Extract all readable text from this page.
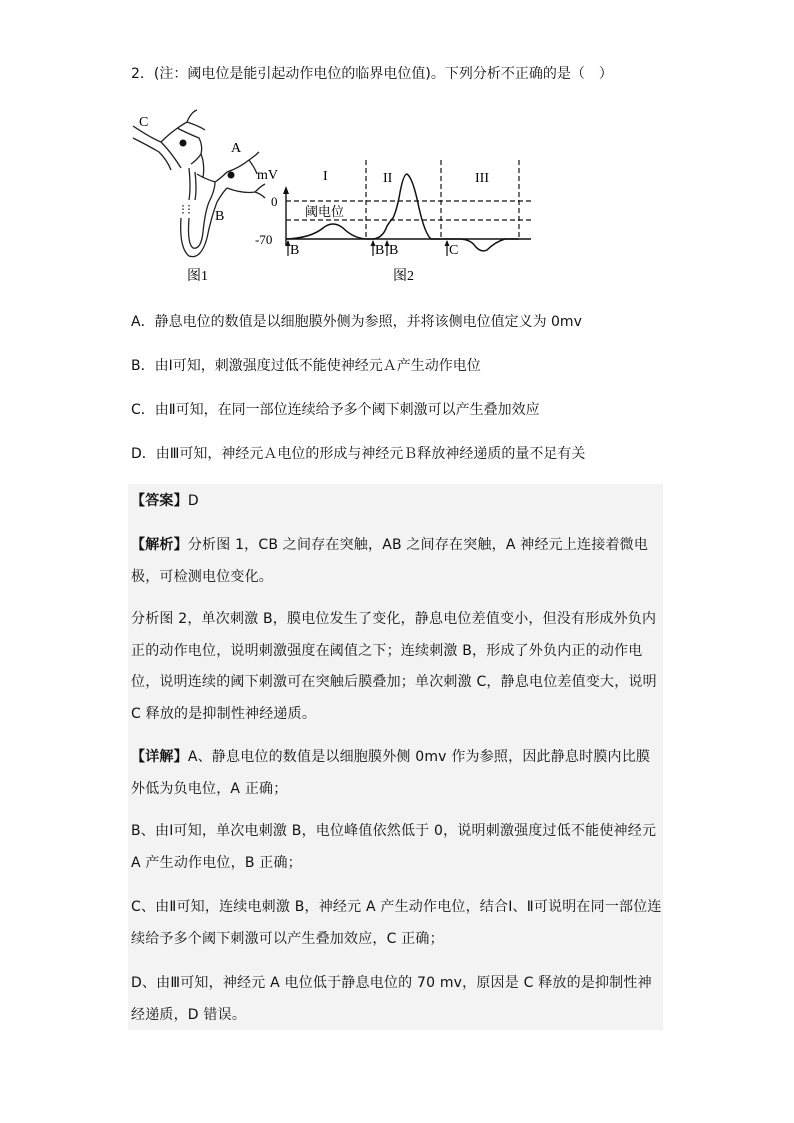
2．(注：阈电位是能引起动作电位的临界电位值)。下列分析不正确的是（　）
C
A
B
图1
mV
0
-70
阈电位
I	II	III
B	B B	C
图2
A．静息电位的数值是以细胞膜外侧为参照，并将该侧电位值定义为 0mv
B．由Ⅰ可知，刺激强度过低不能使神经元Ａ产生动作电位
C．由Ⅱ可知，在同一部位连续给予多个阈下刺激可以产生叠加效应
D．由Ⅲ可知，神经元Ａ电位的形成与神经元Ｂ释放神经递质的量不足有关
【答案】D
【解析】分析图 1，CB 之间存在突触，AB 之间存在突触，A 神经元上连接着微电极，可检测电位变化。
分析图 2，单次刺激 B，膜电位发生了变化，静息电位差值变小，但没有形成外负内正的动作电位，说明刺激强度在阈值之下；连续刺激 B，形成了外负内正的动作电位，说明连续的阈下刺激可在突触后膜叠加；单次刺激 C，静息电位差值变大，说明 C 释放的是抑制性神经递质。
【详解】A、静息电位的数值是以细胞膜外侧 0mv 作为参照，因此静息时膜内比膜外低为负电位，A 正确；
B、由Ⅰ可知，单次电刺激 B，电位峰值依然低于 0，说明刺激强度过低不能使神经元 A 产生动作电位，B 正确；
C、由Ⅱ可知，连续电刺激 B，神经元 A 产生动作电位，结合Ⅰ、Ⅱ可说明在同一部位连续给予多个阈下刺激可以产生叠加效应，C 正确；
D、由Ⅲ可知，神经元 A 电位低于静息电位的 70 mv，原因是 C 释放的是抑制性神经递质，D 错误。
